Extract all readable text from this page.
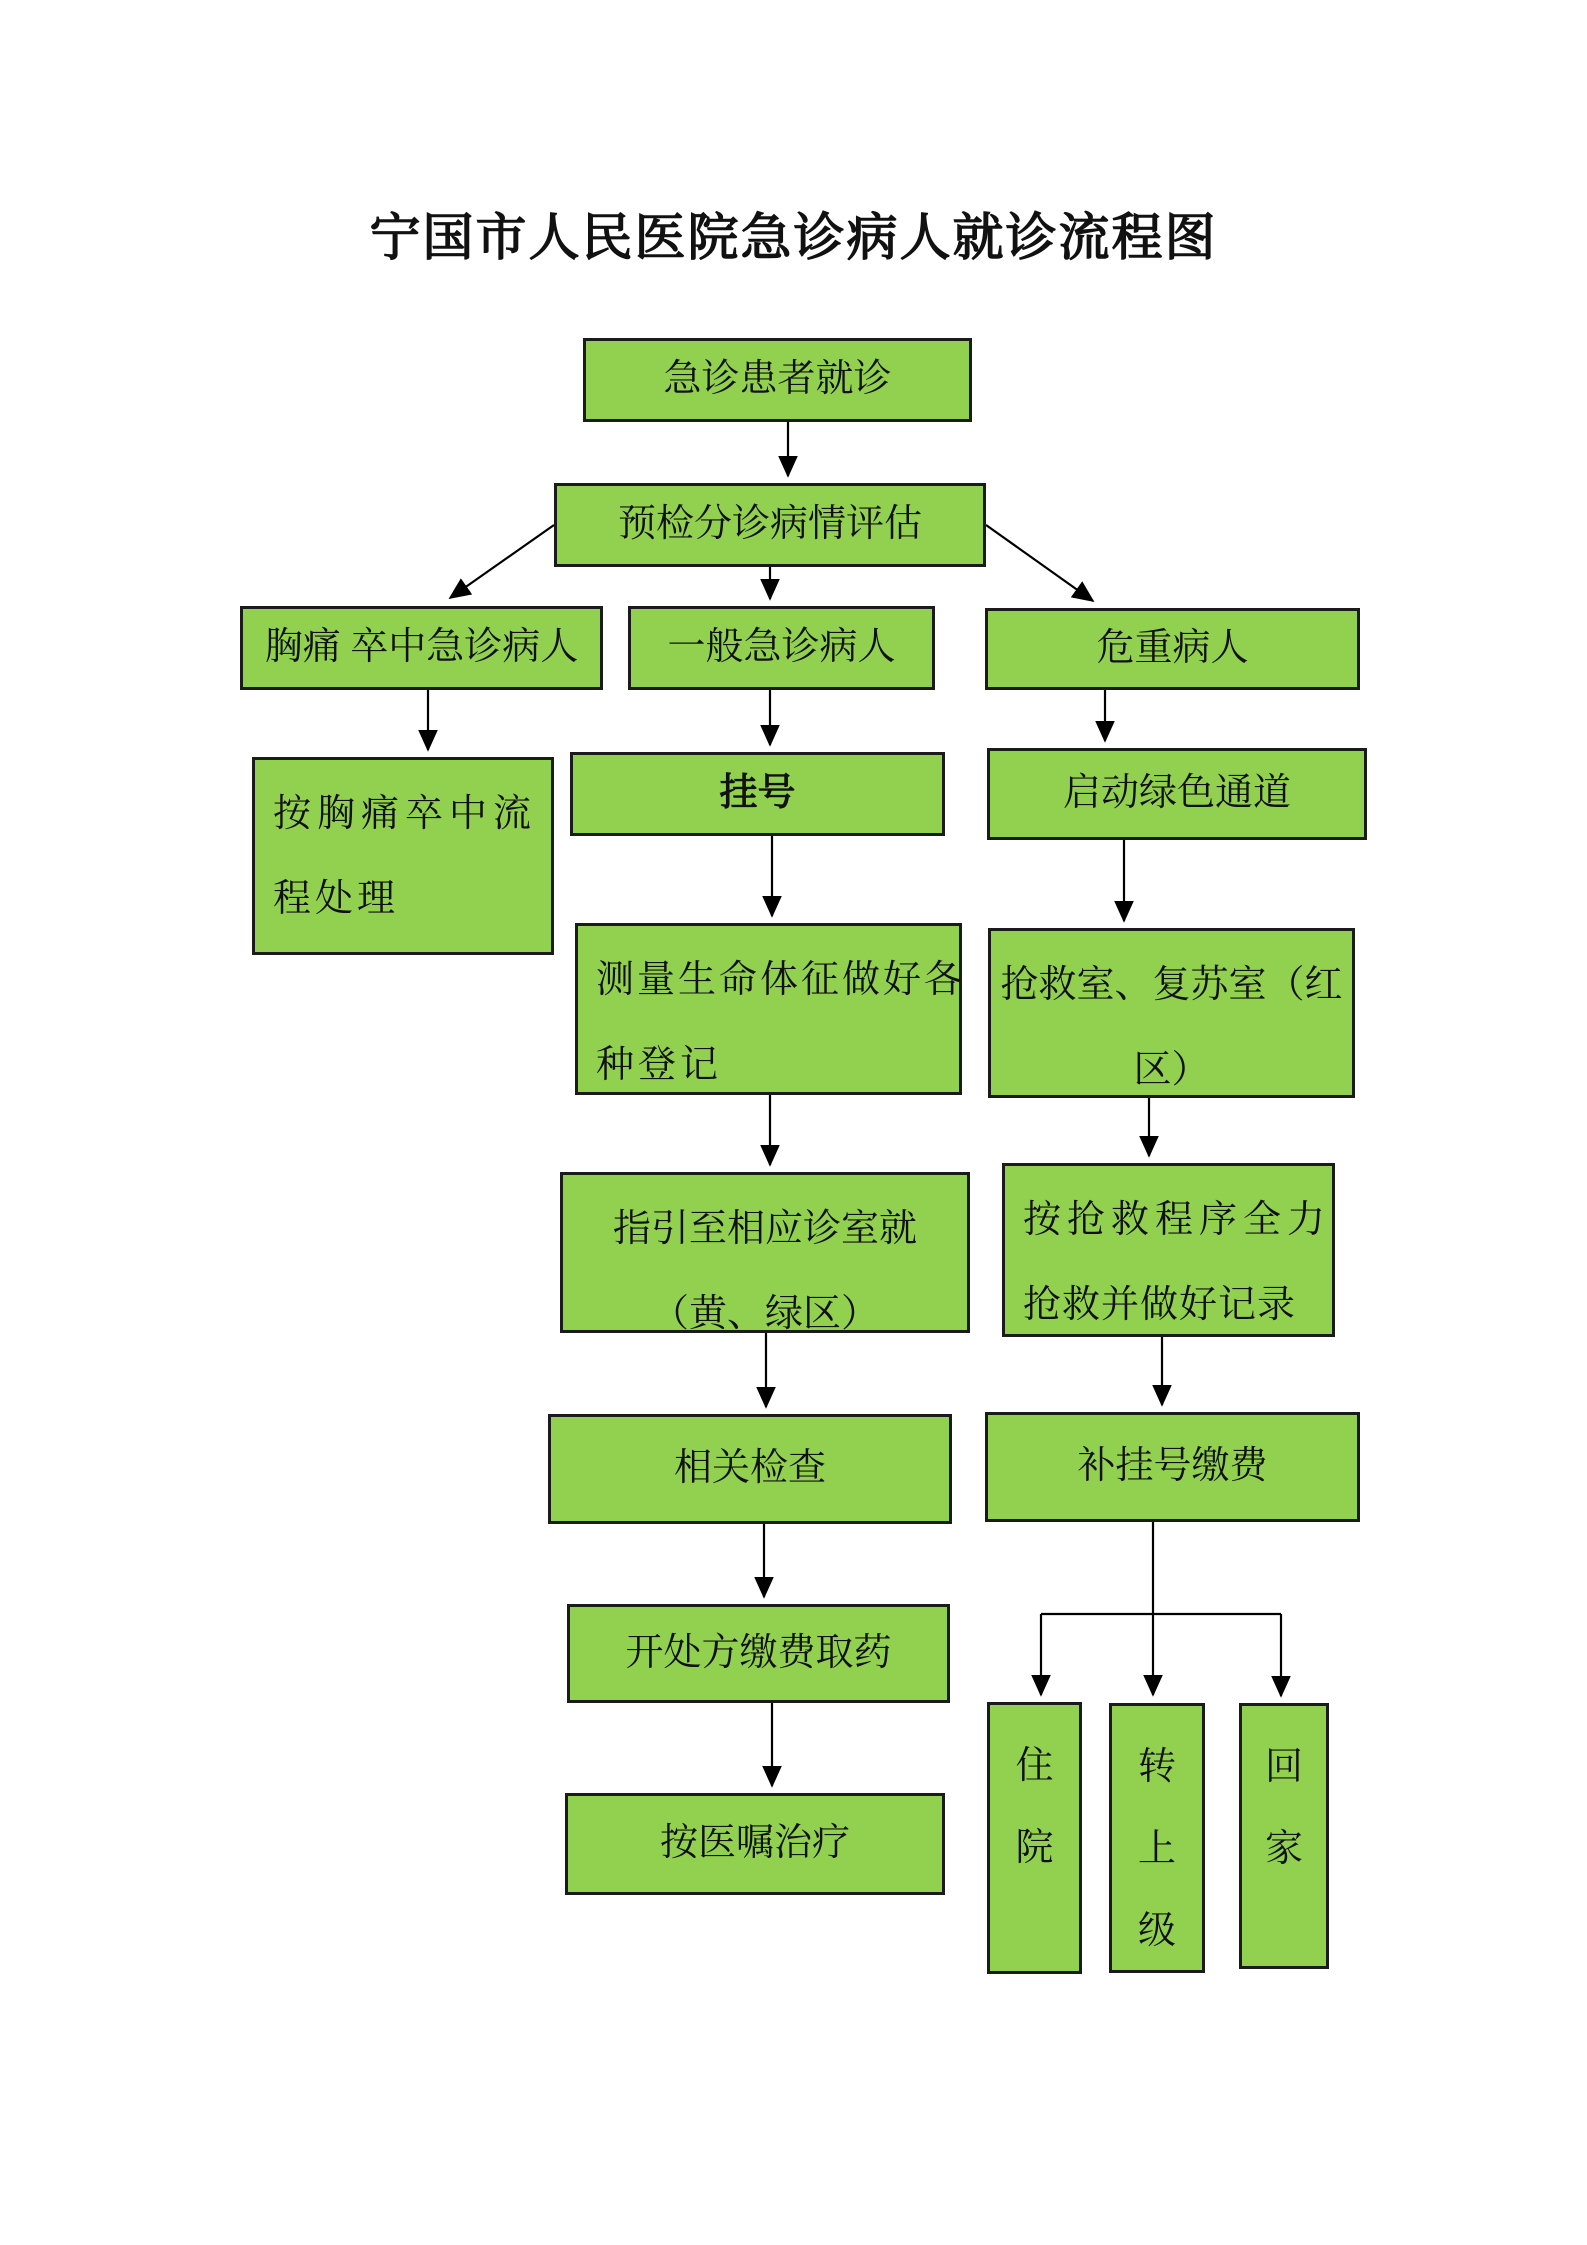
宁国市人民医院急诊病人就诊流程图
急诊患者就诊
预检分诊病情评估
胸痛 卒中急诊病人 一般急诊病人	危重病人
按胸痛卒中流
程处理
挂号	启动绿色通道
测量生命体征做好各
种登记
抢救室、复苏室（红
区）
指引至相应诊室就
（黄、绿区）
按抢救程序全力
抢救并做好记录
相关检查	补挂号缴费
开处方缴费取药
按医嘱治疗
住
院
转
上
级
回
家
